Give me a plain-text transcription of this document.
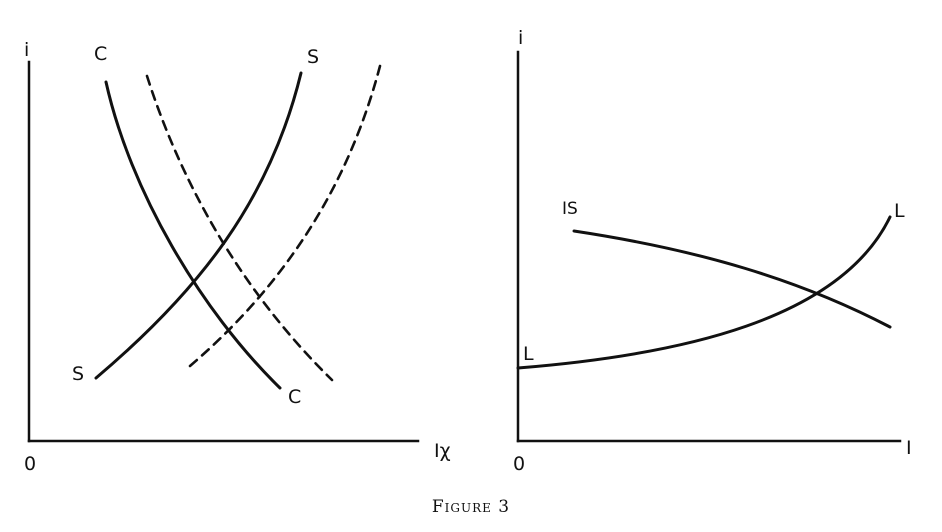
i
Iχ
0
C
C
S
S
i
I
0
IS
L
L
Figure 3
